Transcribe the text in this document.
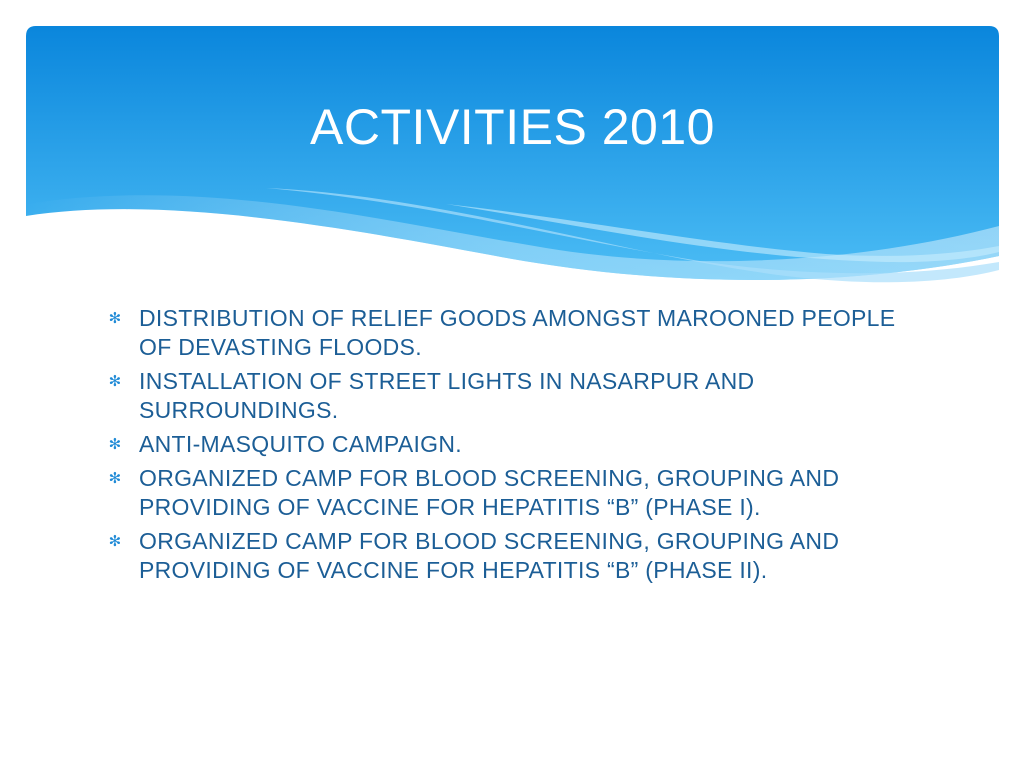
ACTIVITIES 2010
✻ DISTRIBUTION OF RELIEF GOODS AMONGST MAROONED PEOPLE OF DEVASTING FLOODS.
✻ INSTALLATION OF STREET LIGHTS IN NASARPUR AND SURROUNDINGS.
✻ ANTI-MASQUITO CAMPAIGN.
✻ ORGANIZED CAMP FOR BLOOD SCREENING, GROUPING AND PROVIDING OF VACCINE FOR HEPATITIS “B” (PHASE I).
✻ ORGANIZED CAMP FOR BLOOD SCREENING, GROUPING AND PROVIDING OF VACCINE FOR HEPATITIS “B” (PHASE II).
